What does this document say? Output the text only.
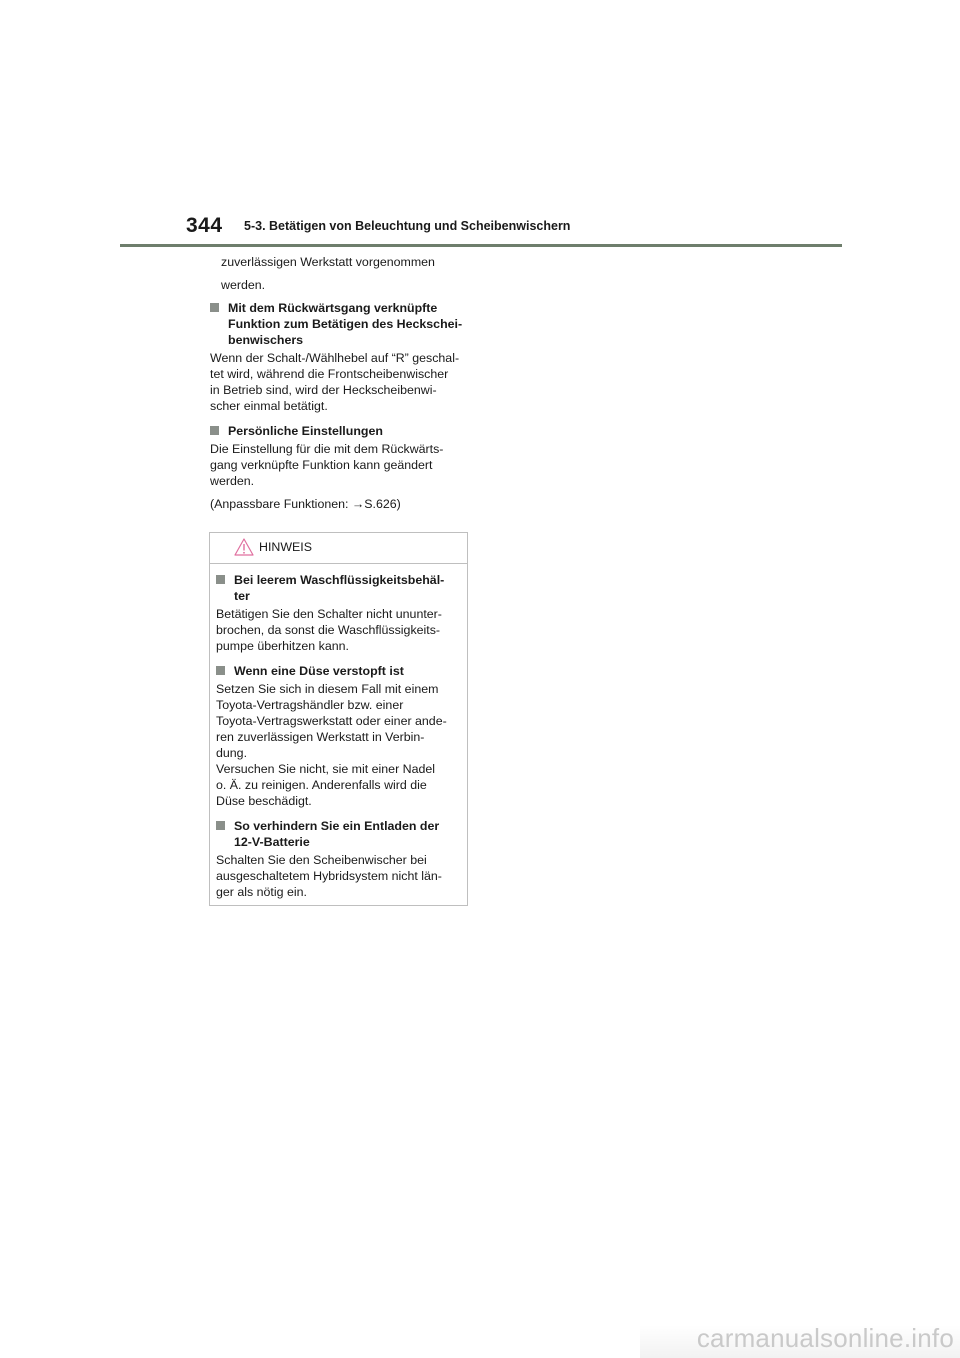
344 5-3. Betätigen von Beleuchtung und Scheibenwischern

zuverlässigen Werkstatt vorgenommen

werden.

Mit dem Rückwärtsgang verknüpfte
Funktion zum Betätigen des Heckschei-
benwischers

Wenn der Schalt-/Wählhebel auf “R” geschal-
tet wird, während die Frontscheibenwischer
in Betrieb sind, wird der Heckscheibenwi-
scher einmal betätigt.

Persönliche Einstellungen

Die Einstellung für die mit dem Rückwärts-
gang verknüpfte Funktion kann geändert
werden.

(Anpassbare Funktionen: →S.626)

HINWEIS

Bei leerem Waschflüssigkeitsbehäl-
ter

Betätigen Sie den Schalter nicht ununter-
brochen, da sonst die Waschflüssigkeits-
pumpe überhitzen kann.

Wenn eine Düse verstopft ist

Setzen Sie sich in diesem Fall mit einem
Toyota-Vertragshändler bzw. einer
Toyota-Vertragswerkstatt oder einer ande-
ren zuverlässigen Werkstatt in Verbin-
dung.
Versuchen Sie nicht, sie mit einer Nadel
o. Ä. zu reinigen. Anderenfalls wird die
Düse beschädigt.

So verhindern Sie ein Entladen der
12-V-Batterie

Schalten Sie den Scheibenwischer bei
ausgeschaltetem Hybridsystem nicht län-
ger als nötig ein.

carmanualsonline.info
